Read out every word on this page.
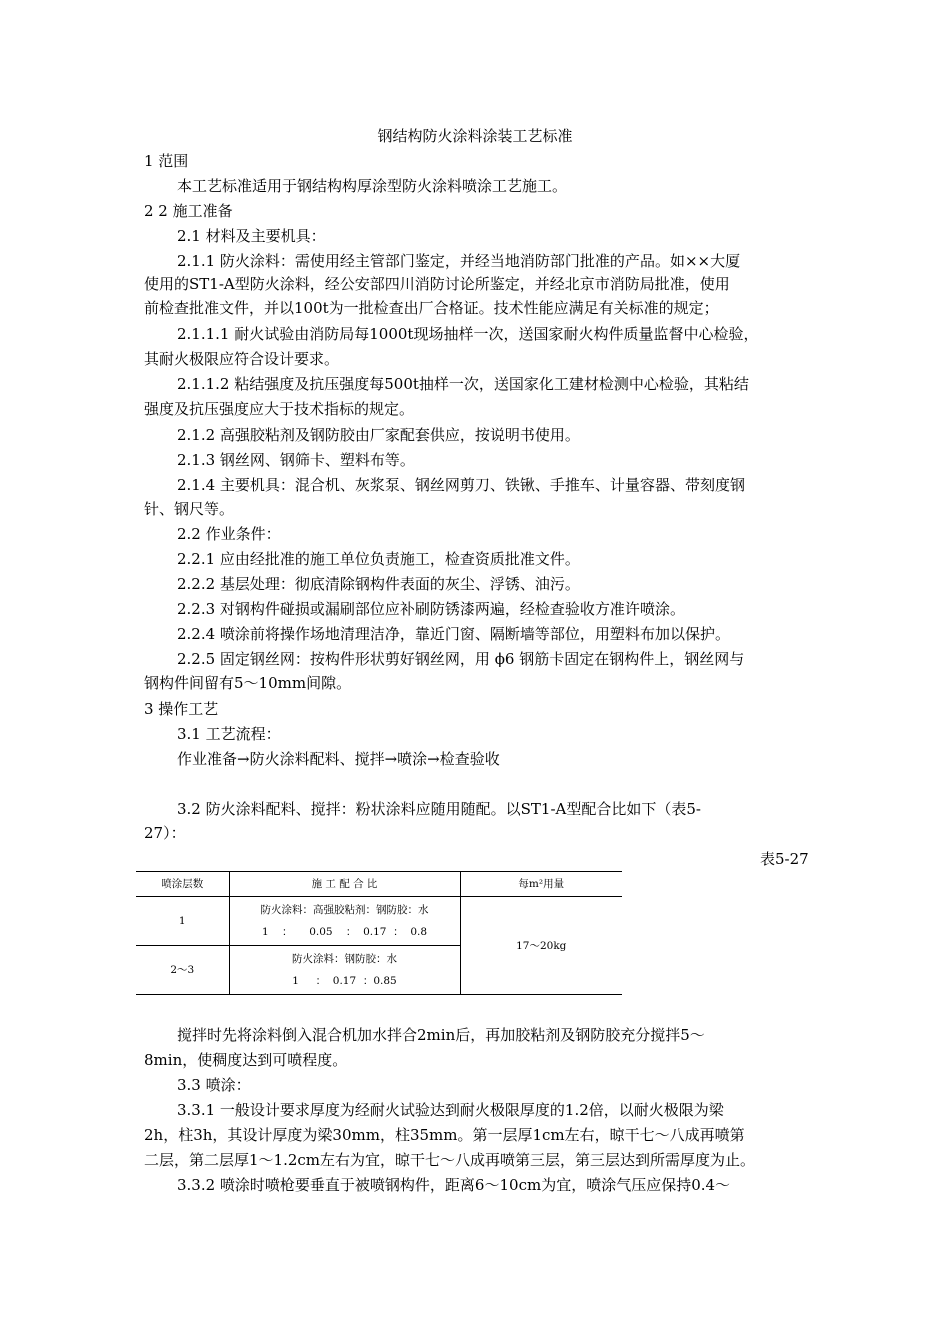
钢结构防火涂料涂装工艺标准
1 范围
本工艺标准适用于钢结构构厚涂型防火涂料喷涂工艺施工。
2 2 施工准备
2.1 材料及主要机具：
2.1.1 防火涂料：需使用经主管部门鉴定，并经当地消防部门批准的产品。如××大厦
使用的ST1-A型防火涂料，经公安部四川消防讨论所鉴定，并经北京市消防局批准，使用
前检查批准文件，并以100t为一批检查出厂合格证。技术性能应满足有关标准的规定；
2.1.1.1 耐火试验由消防局每1000t现场抽样一次，送国家耐火构件质量监督中心检验，
其耐火极限应符合设计要求。
2.1.1.2 粘结强度及抗压强度每500t抽样一次，送国家化工建材检测中心检验，其粘结
强度及抗压强度应大于技术指标的规定。
2.1.2 高强胶粘剂及钢防胶由厂家配套供应，按说明书使用。
2.1.3 钢丝网、钢筛卡、塑料布等。
2.1.4 主要机具：混合机、灰浆泵、钢丝网剪刀、铁锹、手推车、计量容器、带刻度钢
针、钢尺等。
2.2 作业条件：
2.2.1 应由经批准的施工单位负责施工，检查资质批准文件。
2.2.2 基层处理：彻底清除钢构件表面的灰尘、浮锈、油污。
2.2.3 对钢构件碰损或漏刷部位应补刷防锈漆两遍，经检查验收方准许喷涂。
2.2.4 喷涂前将操作场地清理洁净，靠近门窗、隔断墙等部位，用塑料布加以保护。
2.2.5 固定钢丝网：按构件形状剪好钢丝网，用 ϕ6 钢筋卡固定在钢构件上，钢丝网与
钢构件间留有5～10mm间隙。
3 操作工艺
3.1 工艺流程：
作业准备→防火涂料配料、搅拌→喷涂→检查验收
3.2 防火涂料配料、搅拌：粉状涂料应随用随配。以ST1-A型配合比如下（表5-
27）：
表5-27
喷涂层数	施 工 配 合 比	每m²用量
1	防火涂料：高强胶粘剂：钢防胶：水
1    ：     0.05    ：  0.17  ：  0.8	17～20kg
2～3	防火涂料：钢防胶：水
1     ：  0.17  ：0.85	
搅拌时先将涂料倒入混合机加水拌合2min后，再加胶粘剂及钢防胶充分搅拌5～
8min，使稠度达到可喷程度。
3.3 喷涂：
3.3.1 一般设计要求厚度为经耐火试验达到耐火极限厚度的1.2倍，以耐火极限为梁
2h，柱3h，其设计厚度为梁30mm，柱35mm。第一层厚1cm左右，晾干七～八成再喷第
二层，第二层厚1～1.2cm左右为宜，晾干七～八成再喷第三层，第三层达到所需厚度为止。
3.3.2 喷涂时喷枪要垂直于被喷钢构件，距离6～10cm为宜，喷涂气压应保持0.4～
